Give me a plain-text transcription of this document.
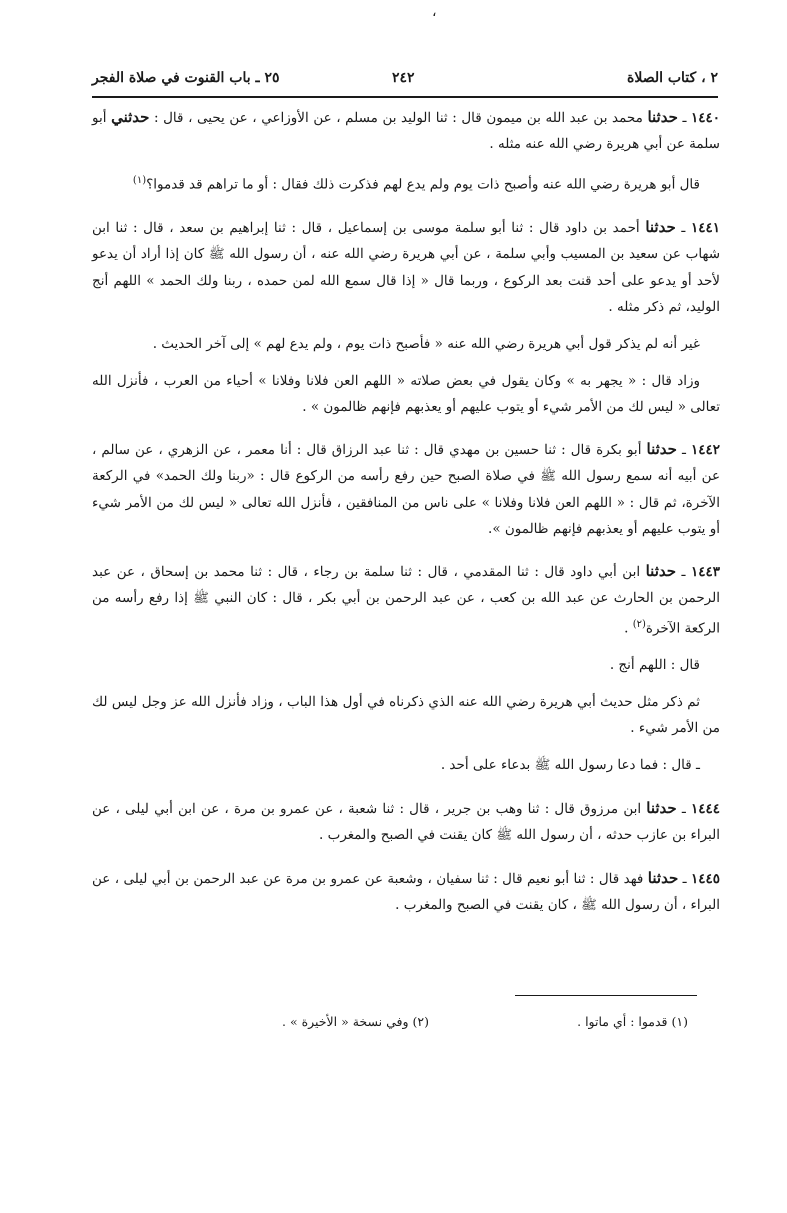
،
٢ ، كتاب الصلاة
٢٤٢
٢٥ ـ باب القنوت في صلاة الفجر

١٤٤٠ ـ حدثنا محمد بن عبد الله بن ميمون قال : ثنا الوليد بن مسلم ، عن الأوزاعي ، عن يحيى ، قال : حدثني أبو سلمة عن أبي هريرة رضي الله عنه مثله .

قال أبو هريرة رضي الله عنه وأصبح ذات يوم ولم يدع لهم فذكرت ذلك فقال : أو ما تراهم قد قدموا؟$^{(١)}$

١٤٤١ ـ حدثنا أحمد بن داود قال : ثنا أبو سلمة موسى بن إسماعيل ، قال : ثنا إبراهيم بن سعد ، قال : ثنا ابن شهاب عن سعيد بن المسيب وأبي سلمة ، عن أبي هريرة رضي الله عنه ، أن رسول الله ﷺ كان إذا أراد أن يدعو لأحد أو يدعو على أحد قنت بعد الركوع ، وربما قال « إذا قال سمع الله لمن حمده ، ربنا ولك الحمد » اللهم أنج الوليد، ثم ذكر مثله .

غير أنه لم يذكر قول أبي هريرة رضي الله عنه « فأصبح ذات يوم ، ولم يدع لهم » إلى آخر الحديث .

وزاد قال : « يجهر به » وكان يقول في بعض صلاته « اللهم العن فلانا وفلانا » أحياء من العرب ، فأنزل الله تعالى « ليس لك من الأمر شيء أو يتوب عليهم أو يعذبهم فإنهم ظالمون » .

١٤٤٢ ـ حدثنا أبو بكرة قال : ثنا حسين بن مهدي قال : ثنا عبد الرزاق قال : أنا معمر ، عن الزهري ، عن سالم ، عن أبيه أنه سمع رسول الله ﷺ في صلاة الصبح حين رفع رأسه من الركوع قال : «ربنا ولك الحمد» في الركعة الآخرة، ثم قال : « اللهم العن فلانا وفلانا » على ناس من المنافقين ، فأنزل الله تعالى « ليس لك من الأمر شيء أو يتوب عليهم أو يعذبهم فإنهم ظالمون ».

١٤٤٣ ـ حدثنا ابن أبي داود قال : ثنا المقدمي ، قال : ثنا سلمة بن رجاء ، قال : ثنا محمد بن إسحاق ، عن عبد الرحمن بن الحارث عن عبد الله بن كعب ، عن عبد الرحمن بن أبي بكر ، قال : كان النبي ﷺ إذا رفع رأسه من الركعة الآخرة$^{(٢)}$ .

قال : اللهم أنج .

ثم ذكر مثل حديث أبي هريرة رضي الله عنه الذي ذكرناه في أول هذا الباب ، وزاد فأنزل الله عز وجل ليس لك من الأمر شيء .

ـ قال : فما دعا رسول الله ﷺ بدعاء على أحد .

١٤٤٤ ـ حدثنا ابن مرزوق قال : ثنا وهب بن جرير ، قال : ثنا شعبة ، عن عمرو بن مرة ، عن ابن أبي ليلى ، عن البراء بن عازب حدثه ، أن رسول الله ﷺ كان يقنت في الصبح والمغرب .

١٤٤٥ ـ حدثنا فهد قال : ثنا أبو نعيم قال : ثنا سفيان ، وشعبة عن عمرو بن مرة عن عبد الرحمن بن أبي ليلى ، عن البراء ، أن رسول الله ﷺ ، كان يقنت في الصبح والمغرب .

(١) قدموا : أي ماتوا .
(٢) وفي نسخة « الأخيرة » .
